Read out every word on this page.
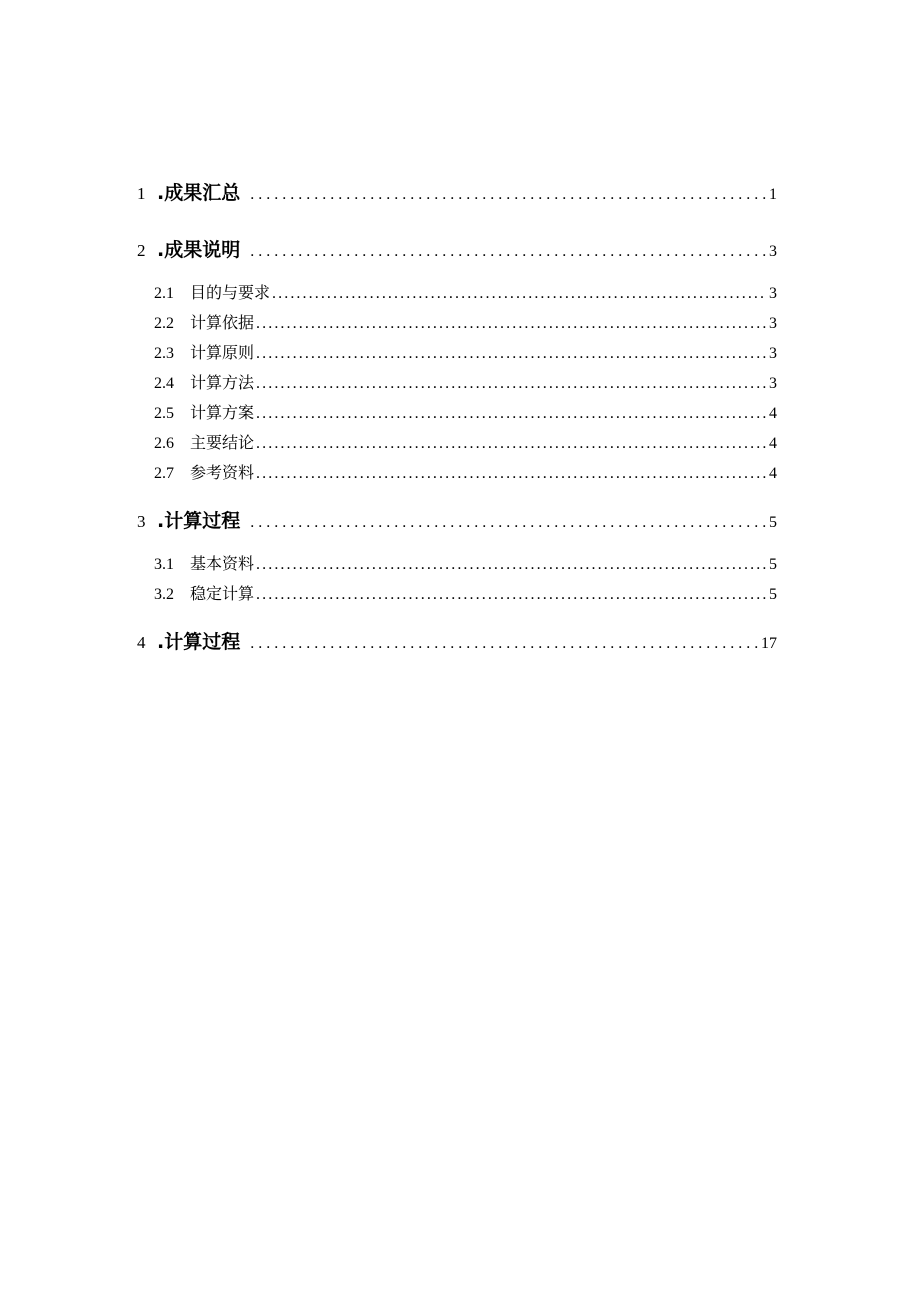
1 .成果汇总 . . .	1
2 .成果说明 . . .	3
2.1	目的与要求 .....	3
2.2	计算依据 .....	3
2.3	计算原则 .....	3
2.4	计算方法 .....	3
2.5	计算方案 .....	4
2.6	主要结论 .....	4
2.7	参考资料 .....	4
3 .计算过程 . . .	5
3.1	基本资料 .....	5
3.2	稳定计算 .....	5
4 .计算过程 . . .	17
